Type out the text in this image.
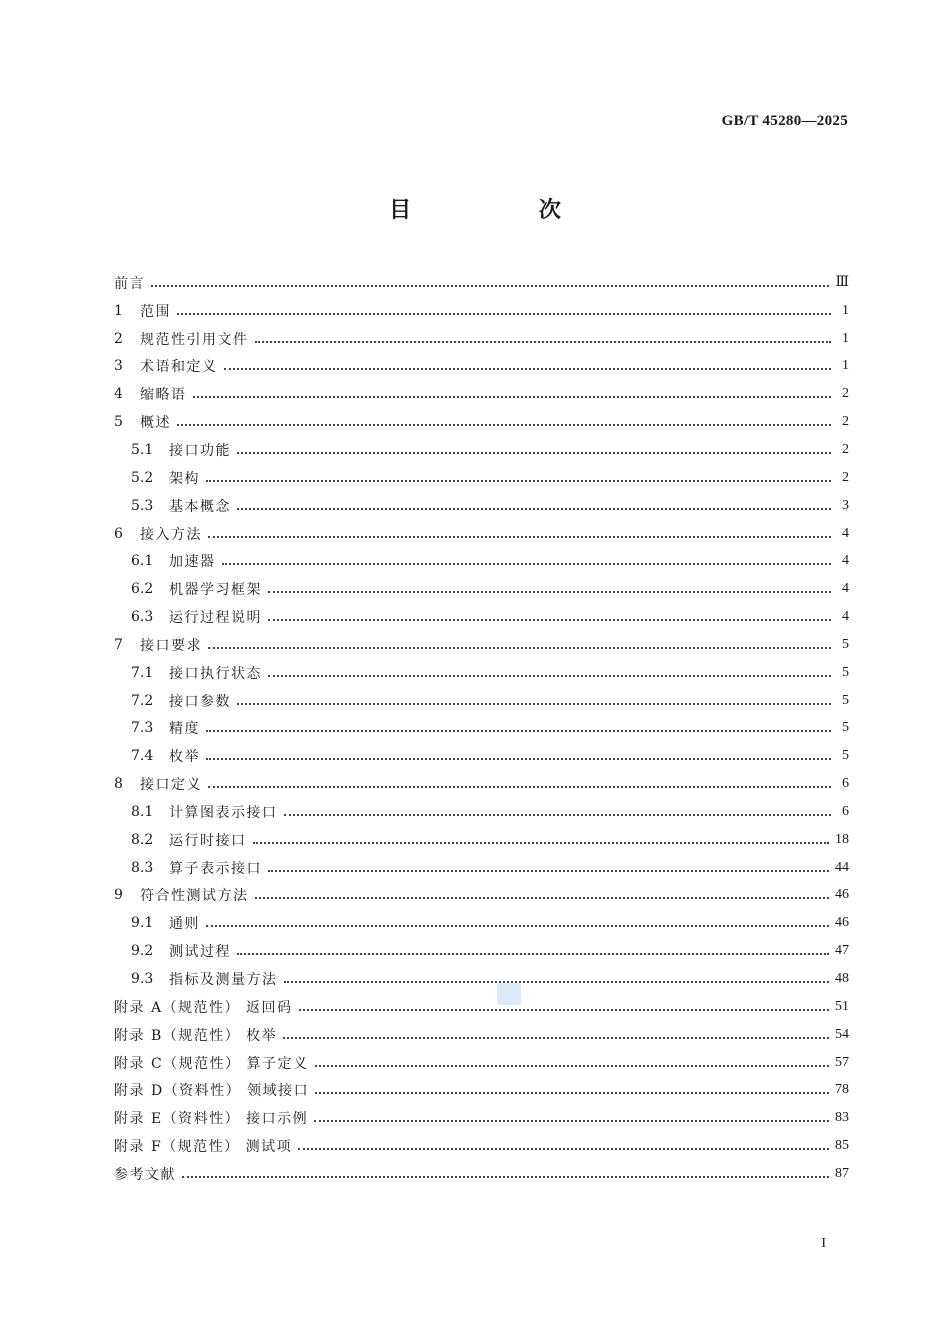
GB/T 45280—2025
目 次
前言	Ⅲ
1	范围	1
2	规范性引用文件	1
3	术语和定义	1
4	缩略语	2
5	概述	2
5.1	接口功能	2
5.2	架构	2
5.3	基本概念	3
6	接入方法	4
6.1	加速器	4
6.2	机器学习框架	4
6.3	运行过程说明	4
7	接口要求	5
7.1	接口执行状态	5
7.2	接口参数	5
7.3	精度	5
7.4	枚举	5
8	接口定义	6
8.1	计算图表示接口	6
8.2	运行时接口	18
8.3	算子表示接口	44
9	符合性测试方法	46
9.1	通则	46
9.2	测试过程	47
9.3	指标及测量方法	48
附录 A（规范性） 返回码	51
附录 B（规范性） 枚举	54
附录 C（规范性） 算子定义	57
附录 D（资料性） 领域接口	78
附录 E（资料性） 接口示例	83
附录 F（规范性） 测试项	85
参考文献	87
I
